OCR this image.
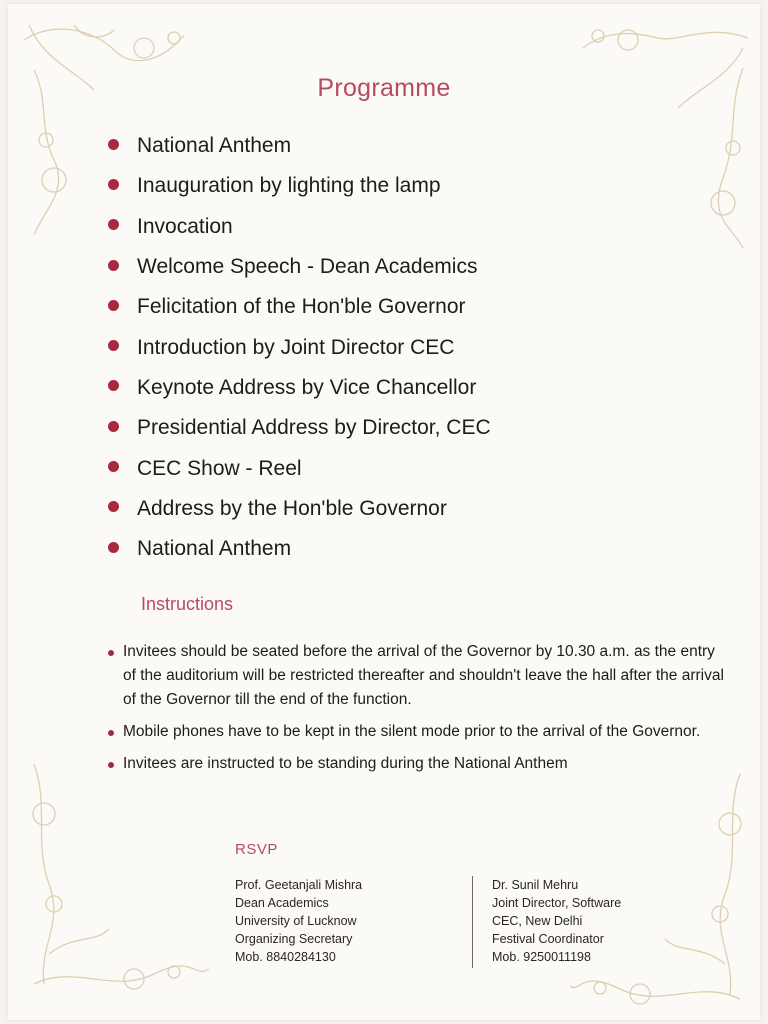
Programme
National Anthem
Inauguration by lighting the lamp
Invocation
Welcome Speech - Dean Academics
Felicitation of the Hon'ble Governor
Introduction by Joint Director CEC
Keynote Address by Vice Chancellor
Presidential Address by Director, CEC
CEC Show - Reel
Address by the Hon'ble Governor
National Anthem
Instructions
Invitees should be seated before the arrival of the Governor by 10.30 a.m. as the entry of the auditorium will be restricted thereafter and shouldn't leave the hall after the arrival of the Governor till the end of the function.
Mobile phones have to be kept in the silent mode prior to the arrival of the Governor.
Invitees are instructed to be standing during the National Anthem
RSVP
Prof. Geetanjali Mishra
Dean Academics
University of Lucknow
Organizing Secretary
Mob. 8840284130
Dr. Sunil Mehru
Joint Director, Software
CEC, New Delhi
Festival Coordinator
Mob. 9250011198
